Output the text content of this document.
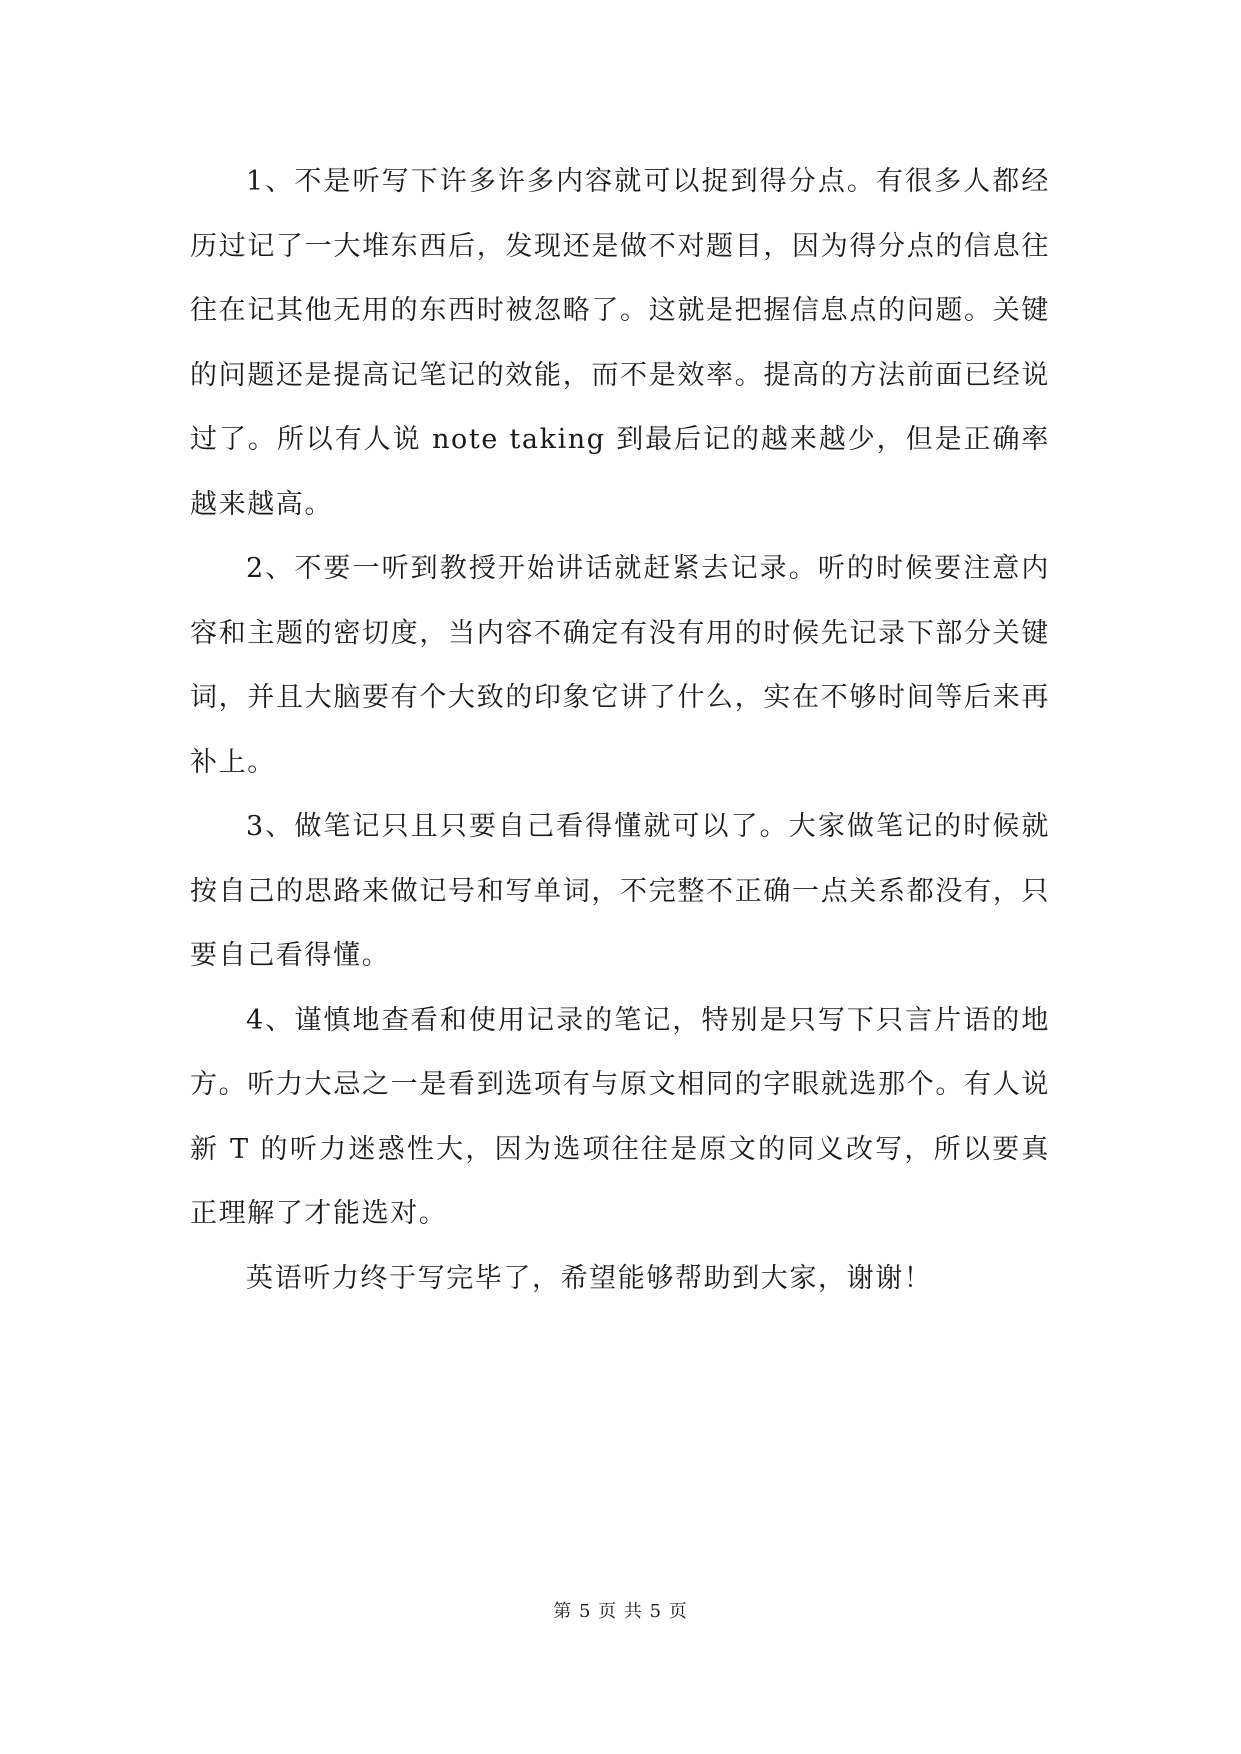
1、不是听写下许多许多内容就可以捉到得分点。有很多人都经历过记了一大堆东西后，发现还是做不对题目，因为得分点的信息往往在记其他无用的东西时被忽略了。这就是把握信息点的问题。关键的问题还是提高记笔记的效能，而不是效率。提高的方法前面已经说过了。所以有人说 note taking 到最后记的越来越少，但是正确率越来越高。

2、不要一听到教授开始讲话就赶紧去记录。听的时候要注意内容和主题的密切度，当内容不确定有没有用的时候先记录下部分关键词，并且大脑要有个大致的印象它讲了什么，实在不够时间等后来再补上。

3、做笔记只且只要自己看得懂就可以了。大家做笔记的时候就按自己的思路来做记号和写单词，不完整不正确一点关系都没有，只要自己看得懂。

4、谨慎地查看和使用记录的笔记，特别是只写下只言片语的地方。听力大忌之一是看到选项有与原文相同的字眼就选那个。有人说新 T 的听力迷惑性大，因为选项往往是原文的同义改写，所以要真正理解了才能选对。

英语听力终于写完毕了，希望能够帮助到大家，谢谢！

第 5 页 共 5 页
